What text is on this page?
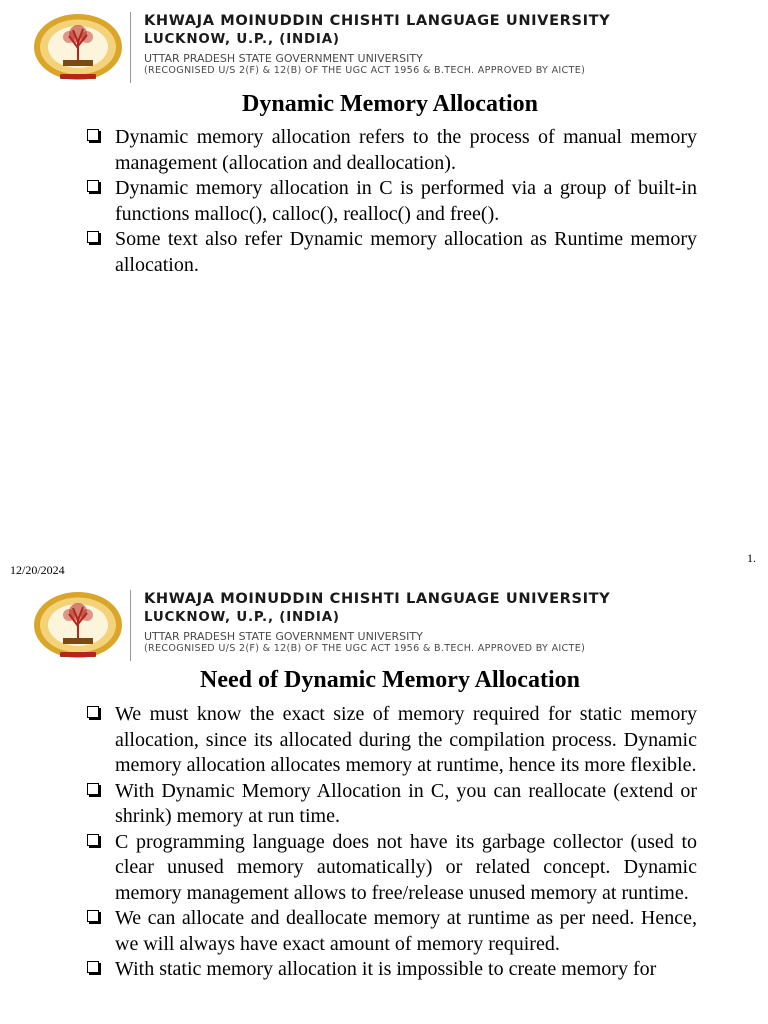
KHWAJA MOINUDDIN CHISHTI LANGUAGE UNIVERSITY
LUCKNOW, U.P., (INDIA)
UTTAR PRADESH STATE GOVERNMENT UNIVERSITY
(RECOGNISED U/S 2(F) & 12(B) OF THE UGC ACT 1956 & B.TECH. APPROVED BY AICTE)
Dynamic Memory Allocation
Dynamic memory allocation refers to the process of manual memory management (allocation and deallocation).
Dynamic memory allocation in C is performed via a group of built-in functions malloc(), calloc(), realloc() and free().
Some text also refer Dynamic memory allocation as Runtime memory allocation.
12/20/2024
1.
KHWAJA MOINUDDIN CHISHTI LANGUAGE UNIVERSITY
LUCKNOW, U.P., (INDIA)
UTTAR PRADESH STATE GOVERNMENT UNIVERSITY
(RECOGNISED U/S 2(F) & 12(B) OF THE UGC ACT 1956 & B.TECH. APPROVED BY AICTE)
Need of Dynamic Memory Allocation
We must know the exact size of memory required for static memory allocation, since its allocated during the compilation process. Dynamic memory allocation allocates memory at runtime, hence its more flexible.
With Dynamic Memory Allocation in C, you can reallocate (extend or shrink) memory at run time.
C programming language does not have its garbage collector (used to clear unused memory automatically) or related concept. Dynamic memory management allows to free/release unused memory at runtime.
We can allocate and deallocate memory at runtime as per need. Hence, we will always have exact amount of memory required.
With static memory allocation it is impossible to create memory for
